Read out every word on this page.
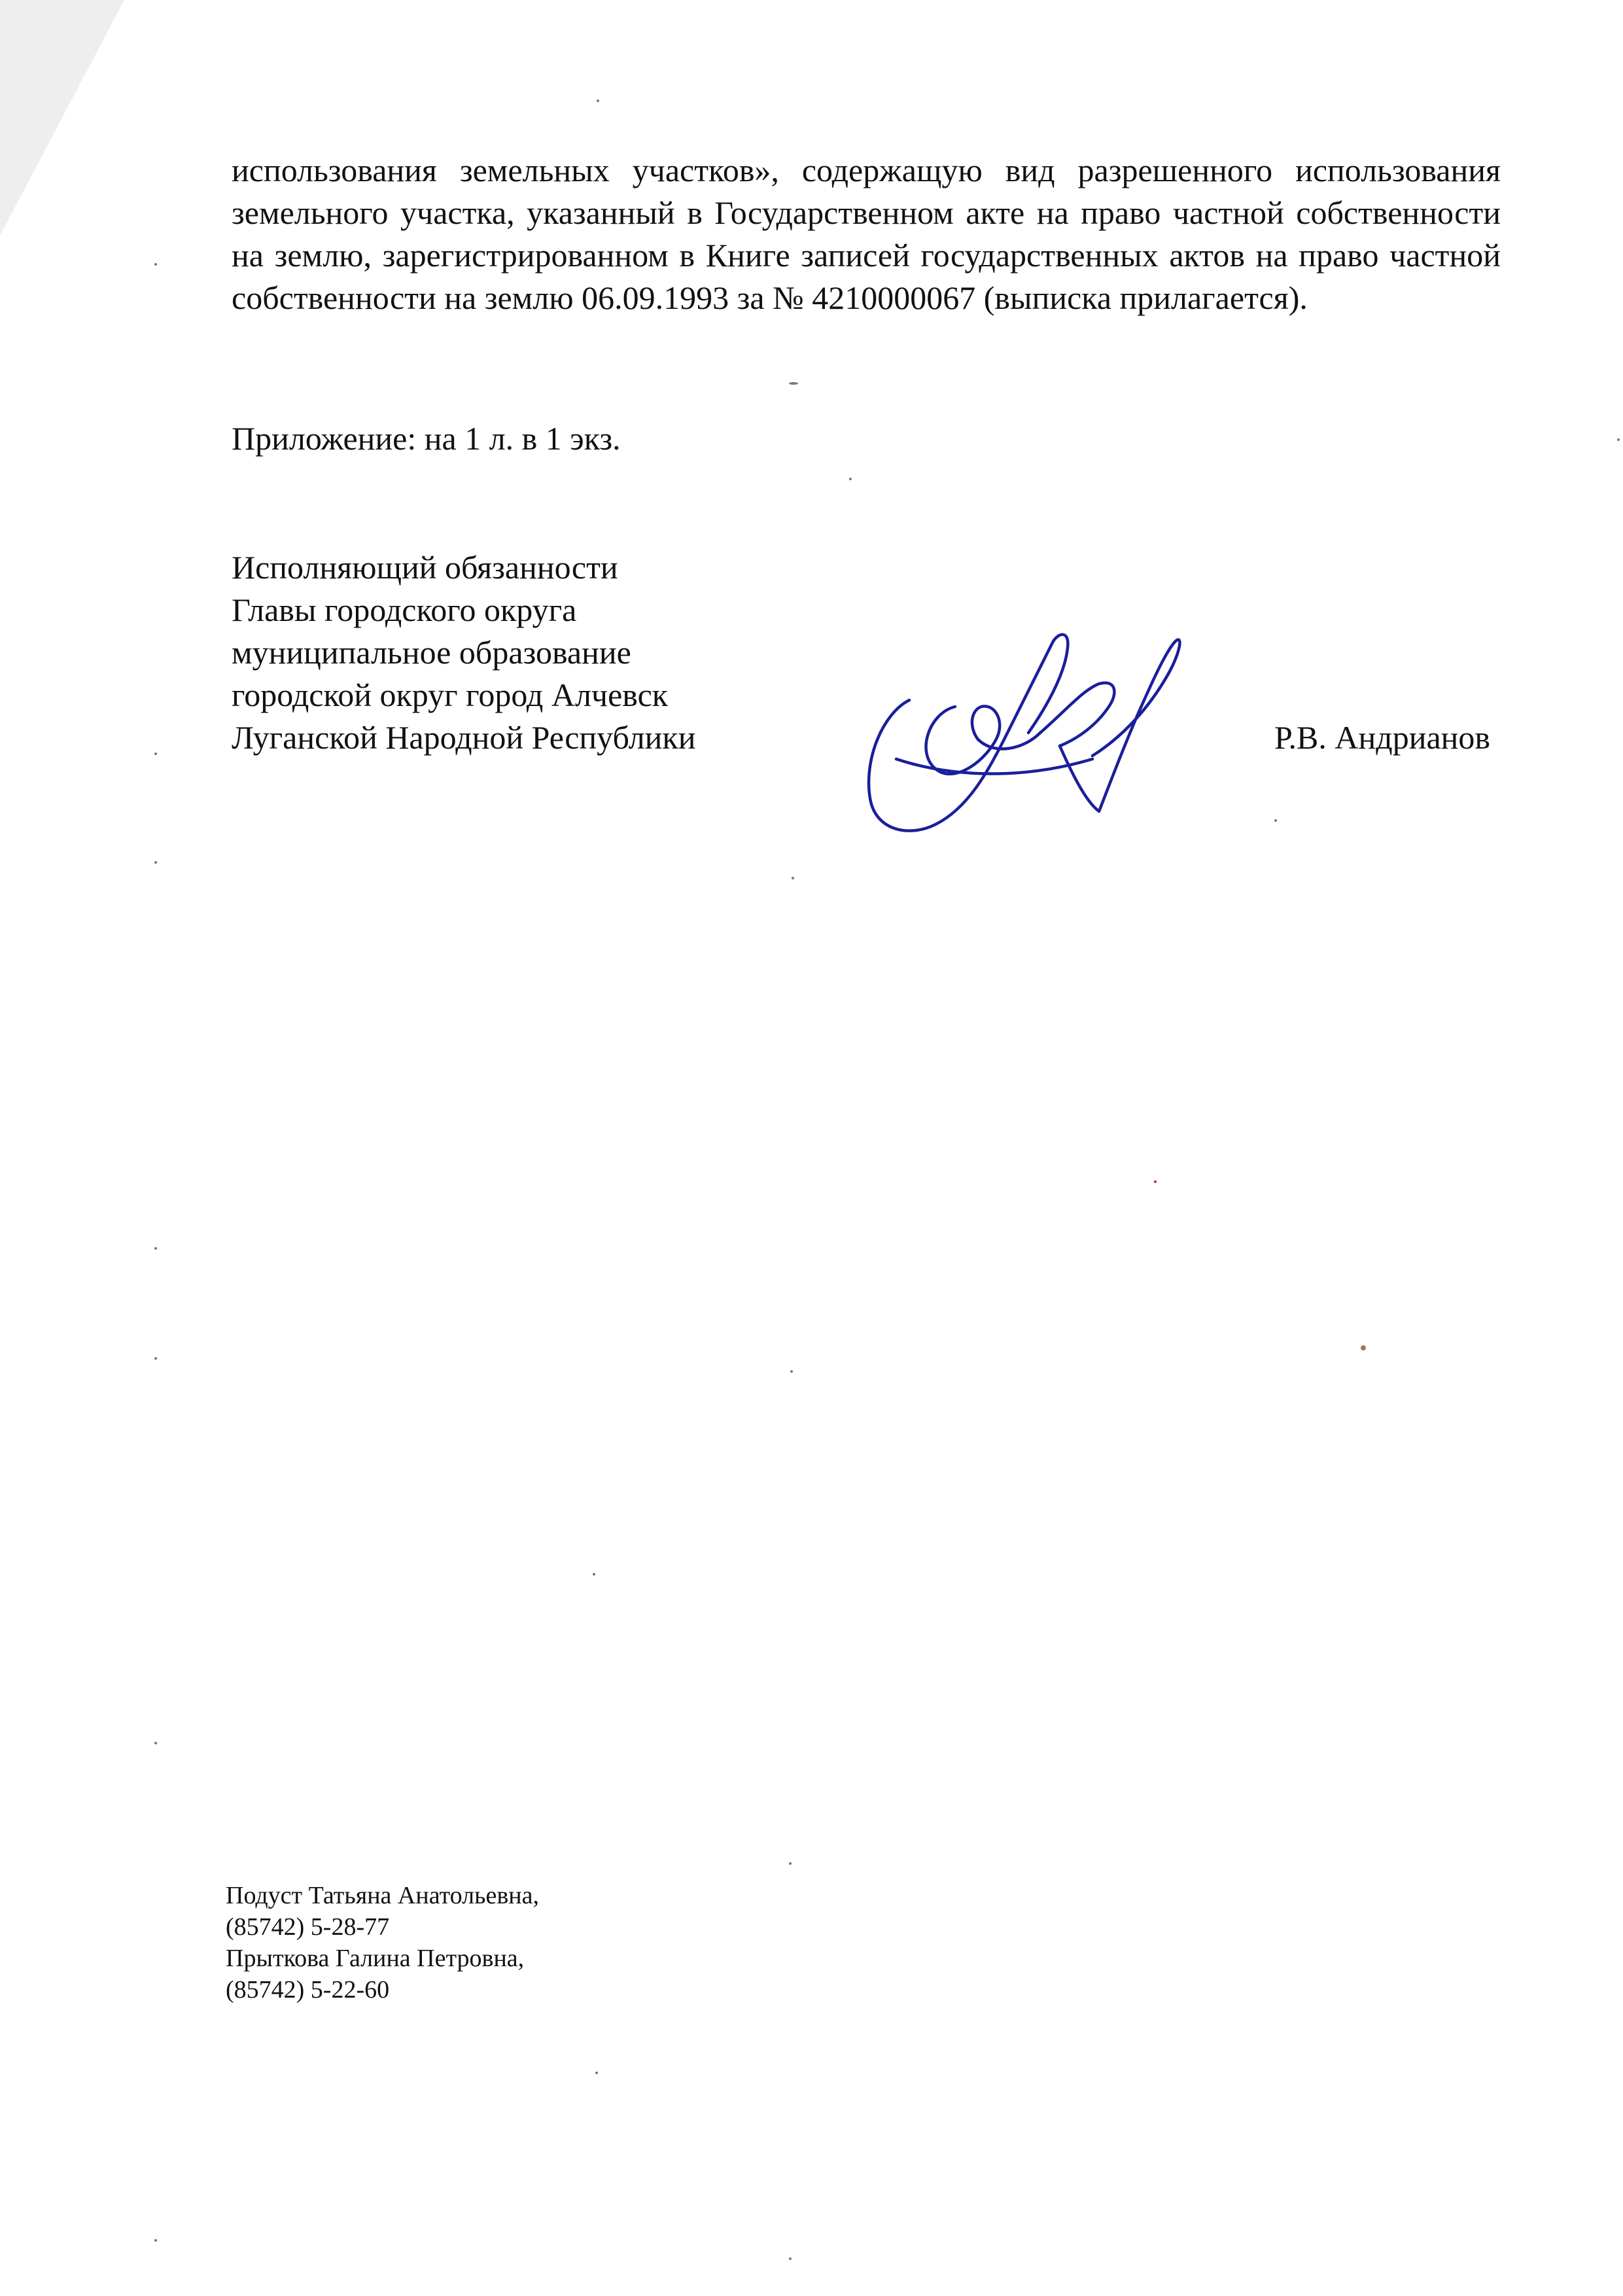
использования земельных участков», содержащую вид разрешенного использования земельного участка, указанный в Государственном акте на право частной собственности на землю, зарегистрированном в Книге записей государственных актов на право частной собственности на землю 06.09.1993 за № 4210000067 (выписка прилагается).

Приложение: на 1 л. в 1 экз.

Исполняющий обязанности
Главы городского округа
муниципальное образование
городской округ город Алчевск
Луганской Народной Республики	Р.В. Андрианов
Подуст Татьяна Анатольевна,
(85742) 5-28-77
Прыткова Галина Петровна,
(85742) 5-22-60
